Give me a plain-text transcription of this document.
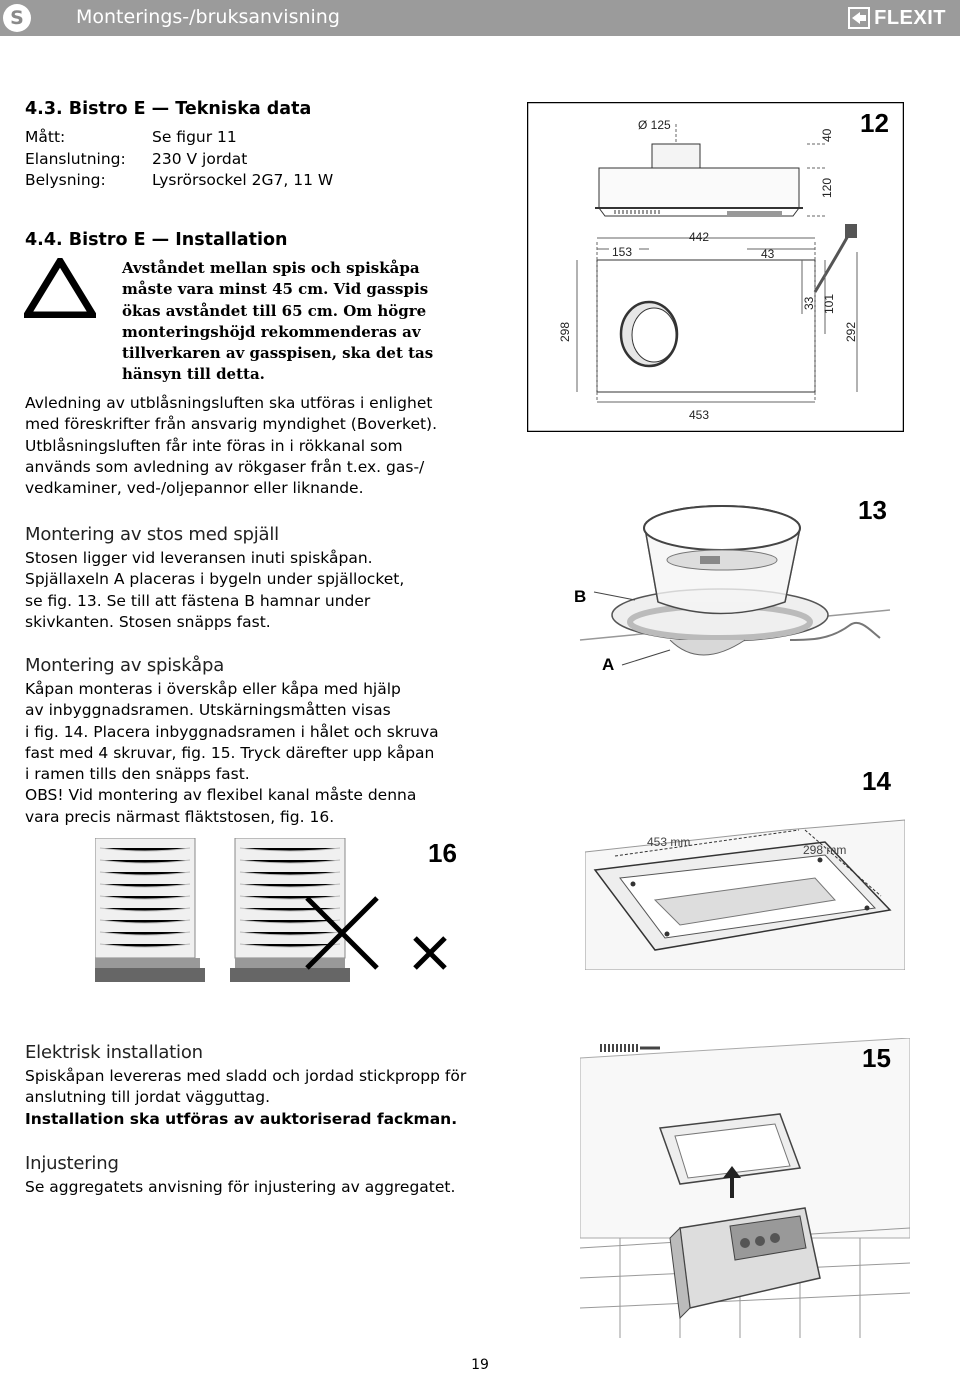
S	Monterings-/bruksanvisning	FLEXIT
4.3. Bistro E — Tekniska data
Mått:	Se figur 11
Elanslutning:	230 V jordat
Belysning:	Lysrörsockel 2G7, 11 W
4.4. Bistro E — Installation
Avståndet mellan spis och spiskåpa
måste vara minst 45 cm. Vid gasspis
ökas avståndet till 65 cm. Om högre
monteringshöjd rekommenderas av
tillverkaren av gasspisen, ska det tas
hänsyn till detta.
Avledning av utblåsningsluften ska utföras i enlighet
med föreskrifter från ansvarig myndighet (Boverket).
Utblåsningsluften får inte föras in i rökkanal som
används som avledning av rökgaser från t.ex. gas-/
vedkaminer, ved-/oljepannor eller liknande.
Montering av stos med spjäll
Stosen ligger vid leveransen inuti spiskåpan.
Spjällaxeln A placeras i bygeln under spjällocket,
se fig. 13. Se till att fästena B hamnar under
skivkanten. Stosen snäpps fast.
Montering av spiskåpa
Kåpan monteras i överskåp eller kåpa med hjälp
av inbyggnadsramen. Utskärningsmåtten visas
i fig. 14. Placera inbyggnadsramen i hålet och skruva
fast med 4 skruvar, fig. 15. Tryck därefter upp kåpan
i ramen tills den snäpps fast.
OBS! Vid montering av flexibel kanal måste denna
vara precis närmast fläktstosen, fig. 16.
Elektrisk installation
Spiskåpan levereras med sladd och jordad stickpropp för
anslutning till jordat vägguttag.
Installation ska utföras av auktoriserad fackman.
Injustering
Se aggregatets anvisning för injustering av aggregatet.
Ø 125
40
120
442
153	43
33 101
298	292
453
12
B
A
13
453 mm
298 mm
14
16
15
19
